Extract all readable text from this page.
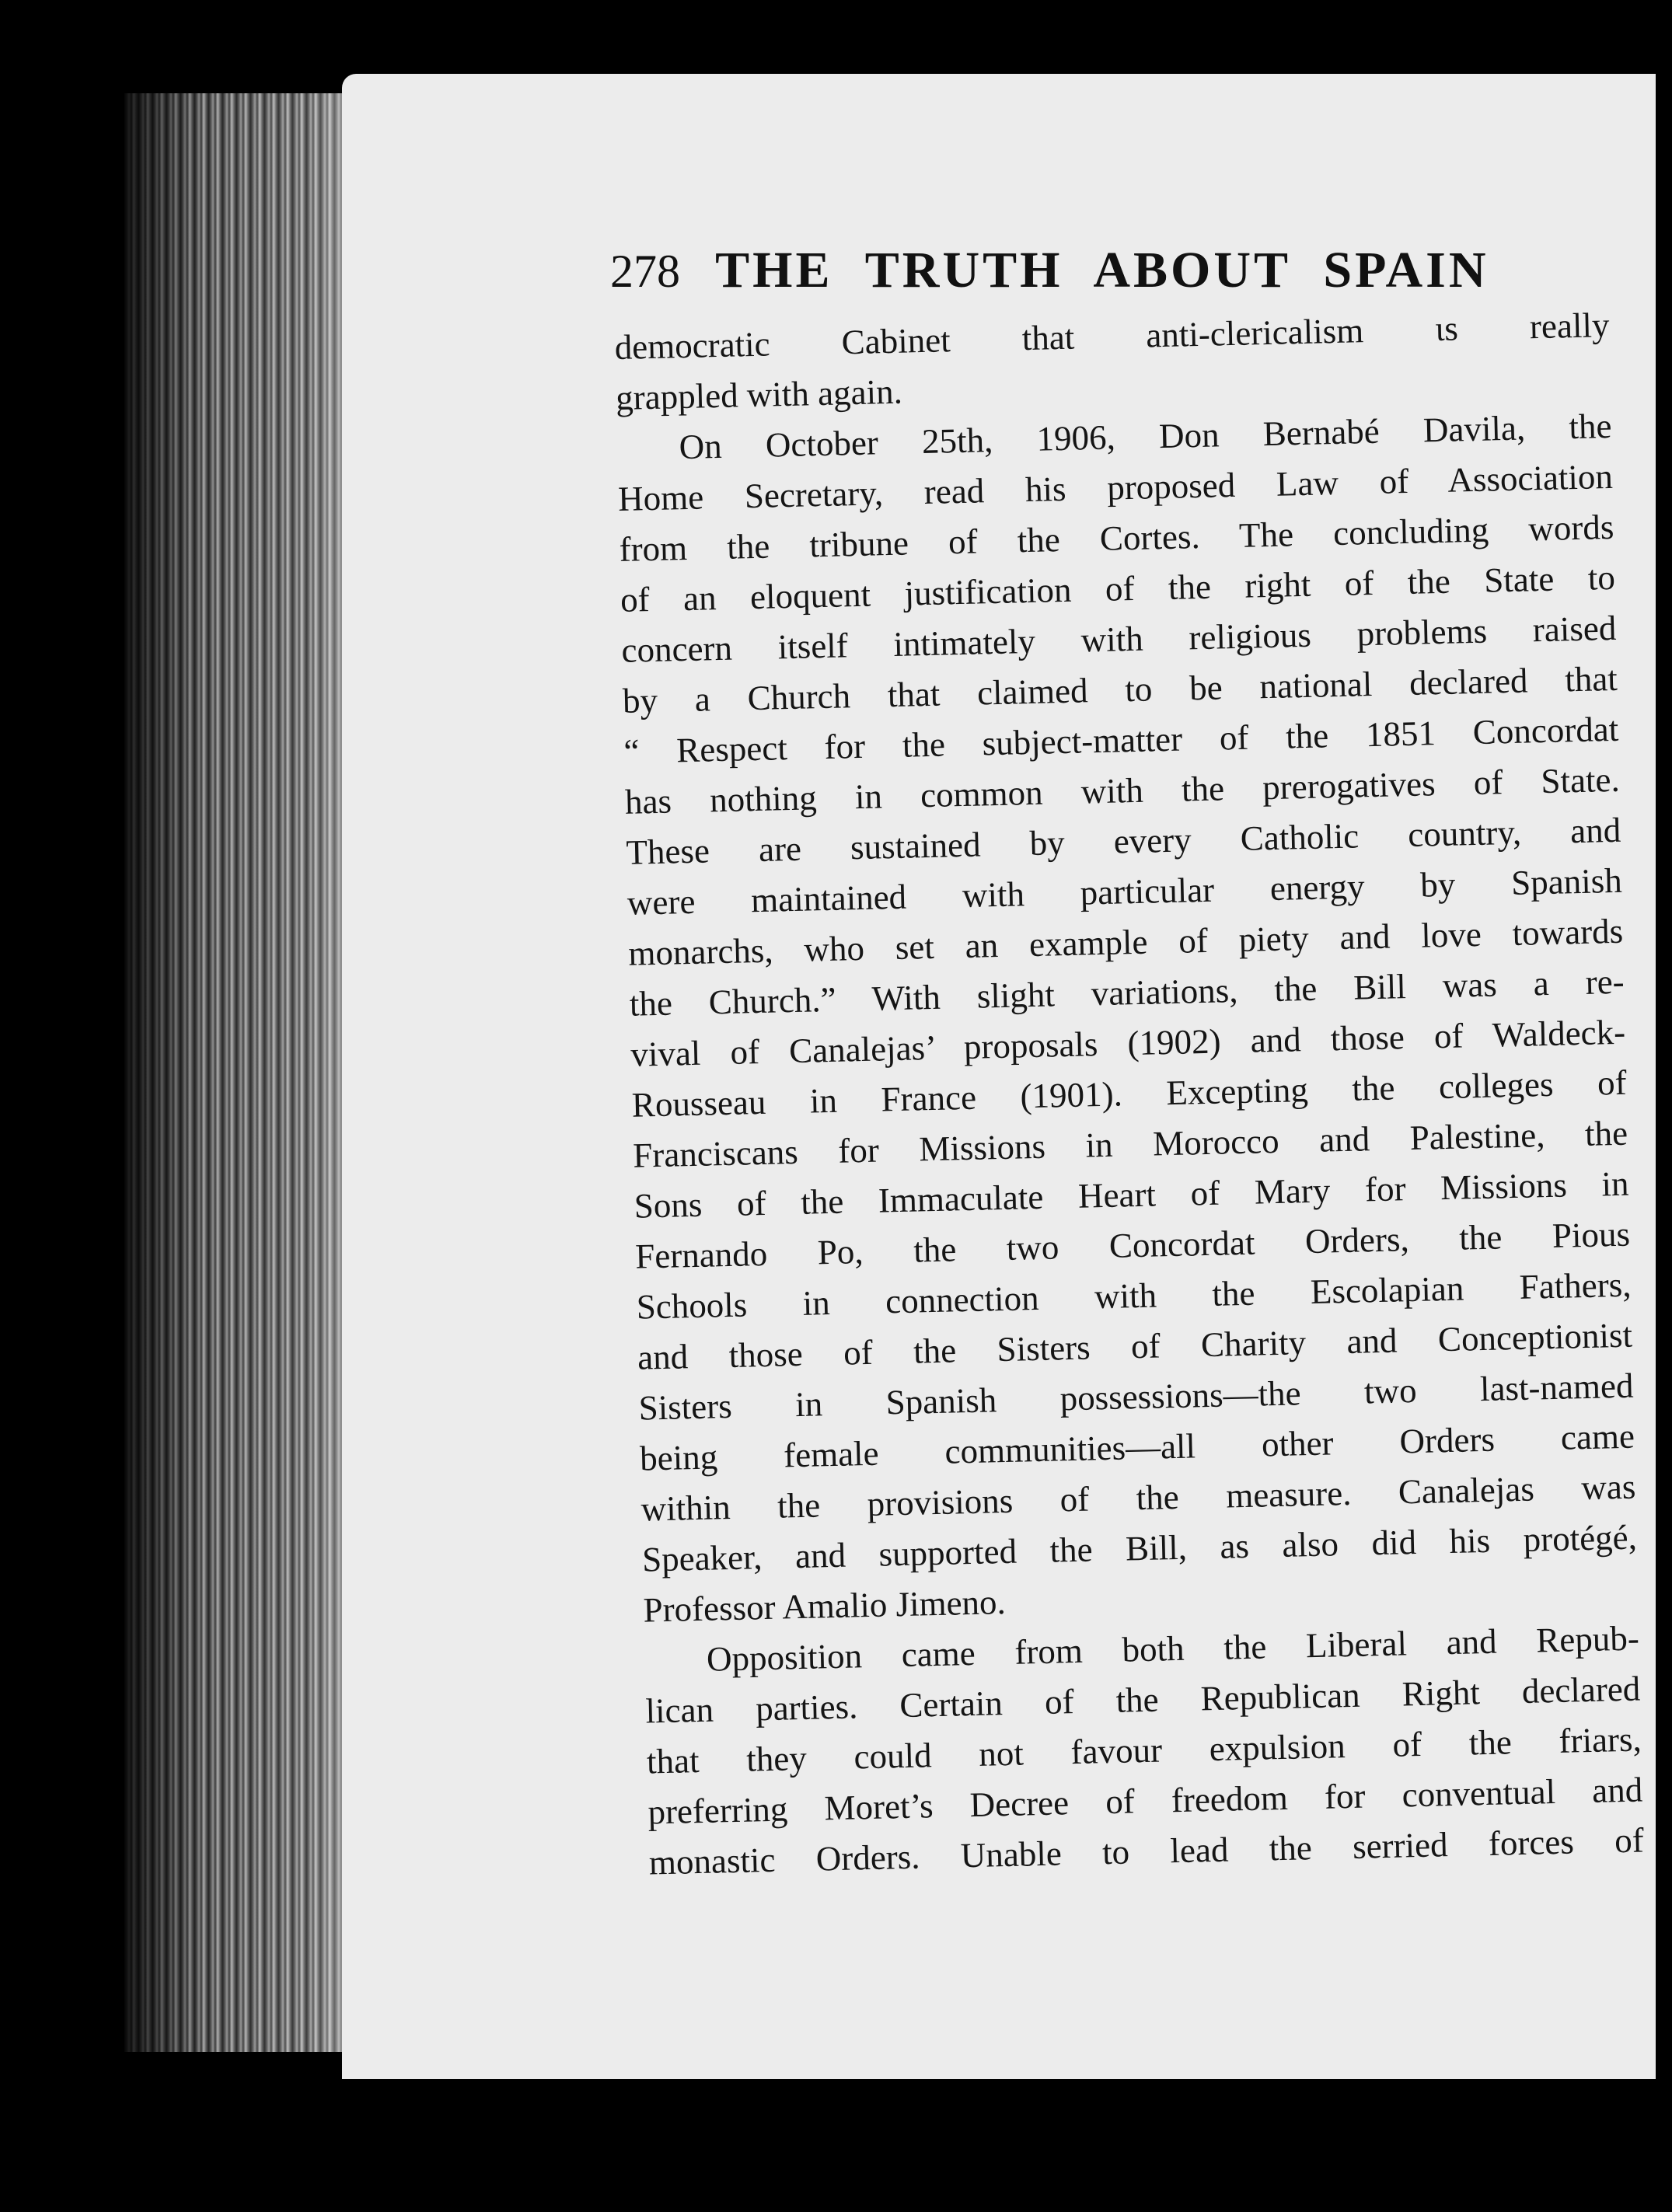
278 THE TRUTH ABOUT SPAIN
democratic Cabinet that anti-clericalism ιs really
grappled with again.
On October 25th, 1906, Don Bernabé Davila, the
Home Secretary, read his proposed Law of Association
from the tribune of the Cortes. The concluding words
of an eloquent justification of the right of the State to
concern itself intimately with religious problems raised
by a Church that claimed to be national declared that
“ Respect for the subject-matter of the 1851 Concordat
has nothing in common with the prerogatives of State.
These are sustained by every Catholic country, and
were maintained with particular energy by Spanish
monarchs, who set an example of piety and love towards
the Church.” With slight variations, the Bill was a re-
vival of Canalejas’ proposals (1902) and those of Waldeck-
Rousseau in France (1901). Excepting the colleges of
Franciscans for Missions in Morocco and Palestine, the
Sons of the Immaculate Heart of Mary for Missions in
Fernando Po, the two Concordat Orders, the Pious
Schools in connection with the Escolapian Fathers,
and those of the Sisters of Charity and Conceptionist
Sisters in Spanish possessions—the two last-named
being female communities—all other Orders came
within the provisions of the measure. Canalejas was
Speaker, and supported the Bill, as also did his protégé,
Professor Amalio Jimeno.
Opposition came from both the Liberal and Repub-
lican parties. Certain of the Republican Right declared
that they could not favour expulsion of the friars,
preferring Moret’s Decree of freedom for conventual and
monastic Orders. Unable to lead the serried forces of
